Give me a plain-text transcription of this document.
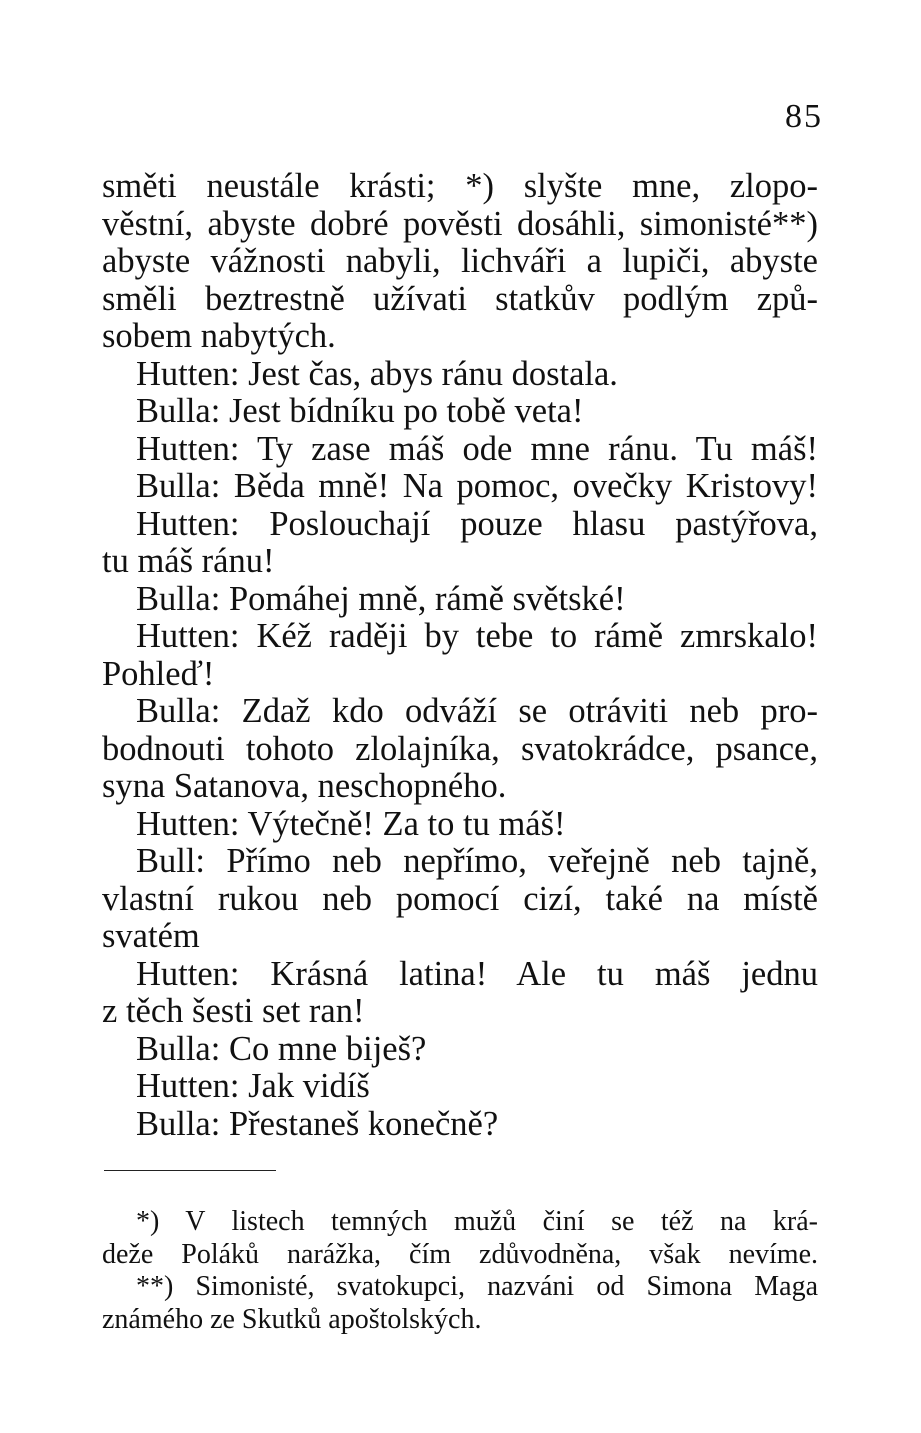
85
směti neustále krásti; *) slyšte mne, zlopo-
věstní, abyste dobré pověsti dosáhli, simonisté**)
abyste vážnosti nabyli, lichváři a lupiči, abyste
směli beztrestně užívati statkův podlým způ-
sobem nabytých.
Hutten: Jest čas, abys ránu dostala.
Bulla: Jest bídníku po tobě veta!
Hutten: Ty zase máš ode mne ránu. Tu máš!
Bulla: Běda mně! Na pomoc, ovečky Kristovy!
Hutten: Poslouchají pouze hlasu pastýřova,
tu máš ránu!
Bulla: Pomáhej mně, rámě světské!
Hutten: Kéž raději by tebe to rámě zmrskalo!
Pohleď!
Bulla: Zdaž kdo odváží se otráviti neb pro-
bodnouti tohoto zlolajníka, svatokrádce, psance,
syna Satanova, neschopného.
Hutten: Výtečně! Za to tu máš!
Bull: Přímo neb nepřímo, veřejně neb tajně,
vlastní rukou neb pomocí cizí, také na místě
svatém
Hutten: Krásná latina! Ale tu máš jednu
z těch šesti set ran!
Bulla: Co mne biješ?
Hutten: Jak vidíš
Bulla: Přestaneš konečně?
*) V listech temných mužů činí se též na krá-
deže Poláků narážka, čím zdůvodněna, však nevíme.
**) Simonisté, svatokupci, nazváni od Simona Maga
známého ze Skutků apoštolských.
